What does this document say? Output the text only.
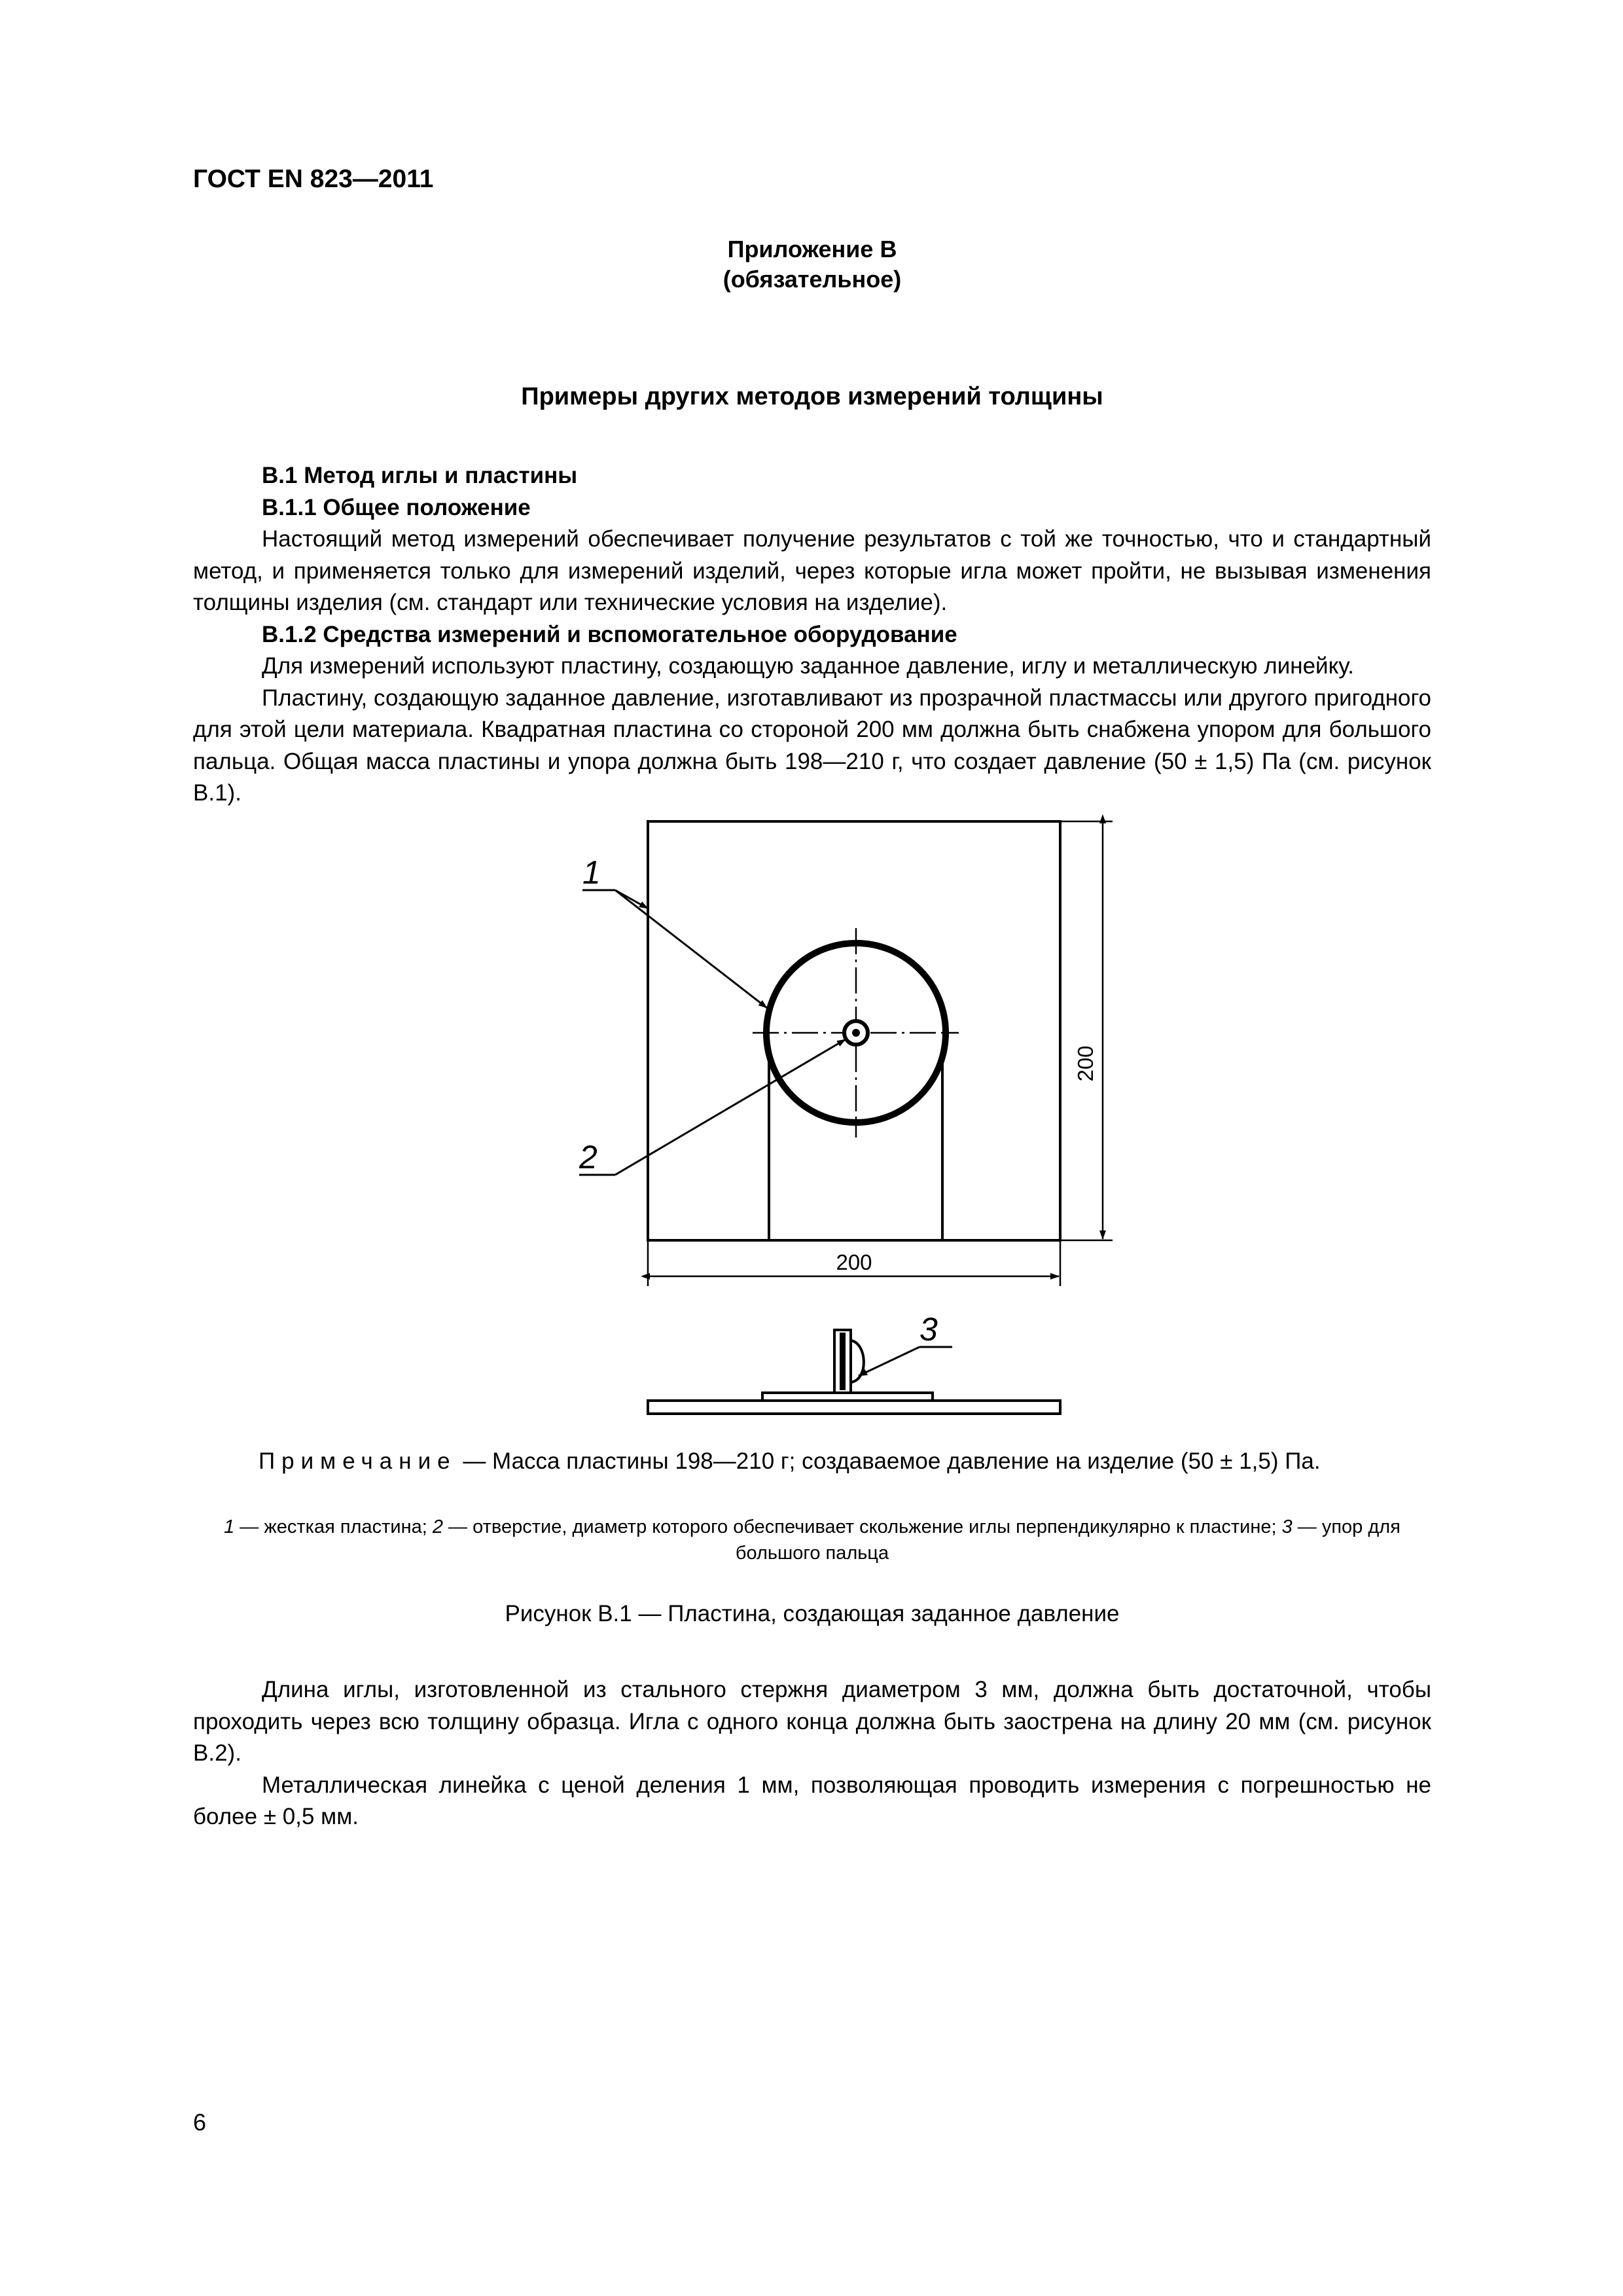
ГОСТ EN 823—2011
Приложение В
(обязательное)
Примеры других методов измерений толщины
В.1 Метод иглы и пластины
В.1.1 Общее положение

Настоящий метод измерений обеспечивает получение результатов с той же точностью, что и стандартный метод, и применяется только для измерений изделий, через которые игла может пройти, не вызывая изменения толщины изделия (см. стандарт или технические условия на изделие).

В.1.2 Средства измерений и вспомогательное оборудование

Для измерений используют пластину, создающую заданное давление, иглу и металлическую линейку.

Пластину, создающую заданное давление, изготавливают из прозрачной пластмассы или другого пригодного для этой цели материала. Квадратная пластина со стороной 200 мм должна быть снабжена упором для большого пальца. Общая масса пластины и упора должна быть 198—210 г, что создает давление (50 ± 1,5) Па (см. рисунок В.1).

1
2
3
200
200
Примечание — Масса пластины 198—210 г; создаваемое давление на изделие (50 ± 1,5) Па.
1 — жесткая пластина; 2 — отверстие, диаметр которого обеспечивает скольжение иглы перпендикулярно к пластине; 3 — упор для большого пальца
Рисунок В.1 — Пластина, создающая заданное давление

Длина иглы, изготовленной из стального стержня диаметром 3 мм, должна быть достаточной, чтобы проходить через всю толщину образца. Игла с одного конца должна быть заострена на длину 20 мм (см. рисунок В.2).

Металлическая линейка с ценой деления 1 мм, позволяющая проводить измерения с погрешностью не более ± 0,5 мм.

6
